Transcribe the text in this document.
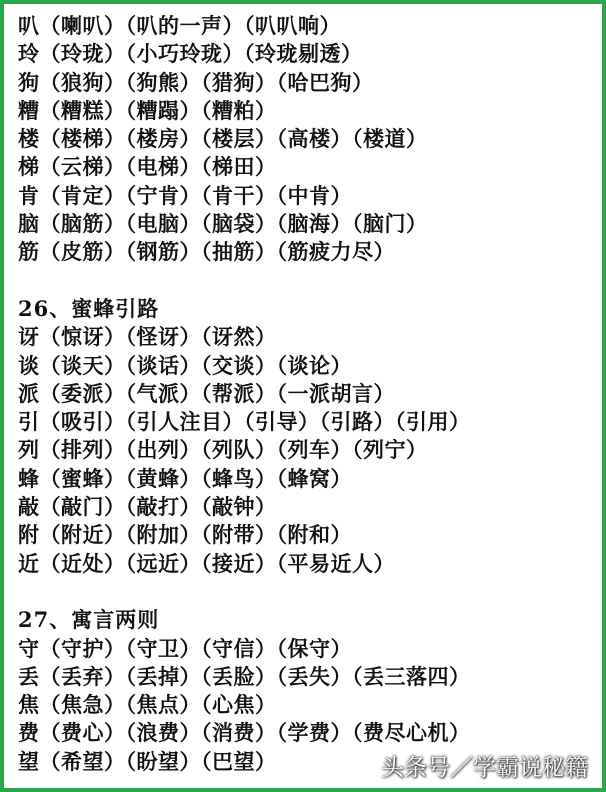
叭（喇叭）（叭的一声）（叭叭响）
玲（玲珑）（小巧玲珑）（玲珑剔透）
狗（狼狗）（狗熊）（猎狗）（哈巴狗）
糟（糟糕）（糟蹋）（糟粕）
楼（楼梯）（楼房）（楼层）（高楼）（楼道）
梯（云梯）（电梯）（梯田）
肯（肯定）（宁肯）（肯干）（中肯）
脑（脑筋）（电脑）（脑袋）（脑海）（脑门）
筋（皮筋）（钢筋）（抽筋）（筋疲力尽）
26、蜜蜂引路
讶（惊讶）（怪讶）（讶然）
谈（谈天）（谈话）（交谈）（谈论）
派（委派）（气派）（帮派）（一派胡言）
引（吸引）（引人注目）（引导）（引路）（引用）
列（排列）（出列）（列队）（列车）（列宁）
蜂（蜜蜂）（黄蜂）（蜂鸟）（蜂窝）
敲（敲门）（敲打）（敲钟）
附（附近）（附加）（附带）（附和）
近（近处）（远近）（接近）（平易近人）
27、寓言两则
守（守护）（守卫）（守信）（保守）
丢（丢弃）（丢掉）（丢脸）（丢失）（丢三落四）
焦（焦急）（焦点）（心焦）
费（费心）（浪费）（消费）（学费）（费尽心机）
望（希望）（盼望）（巴望）	头条号／学霸说秘籍
